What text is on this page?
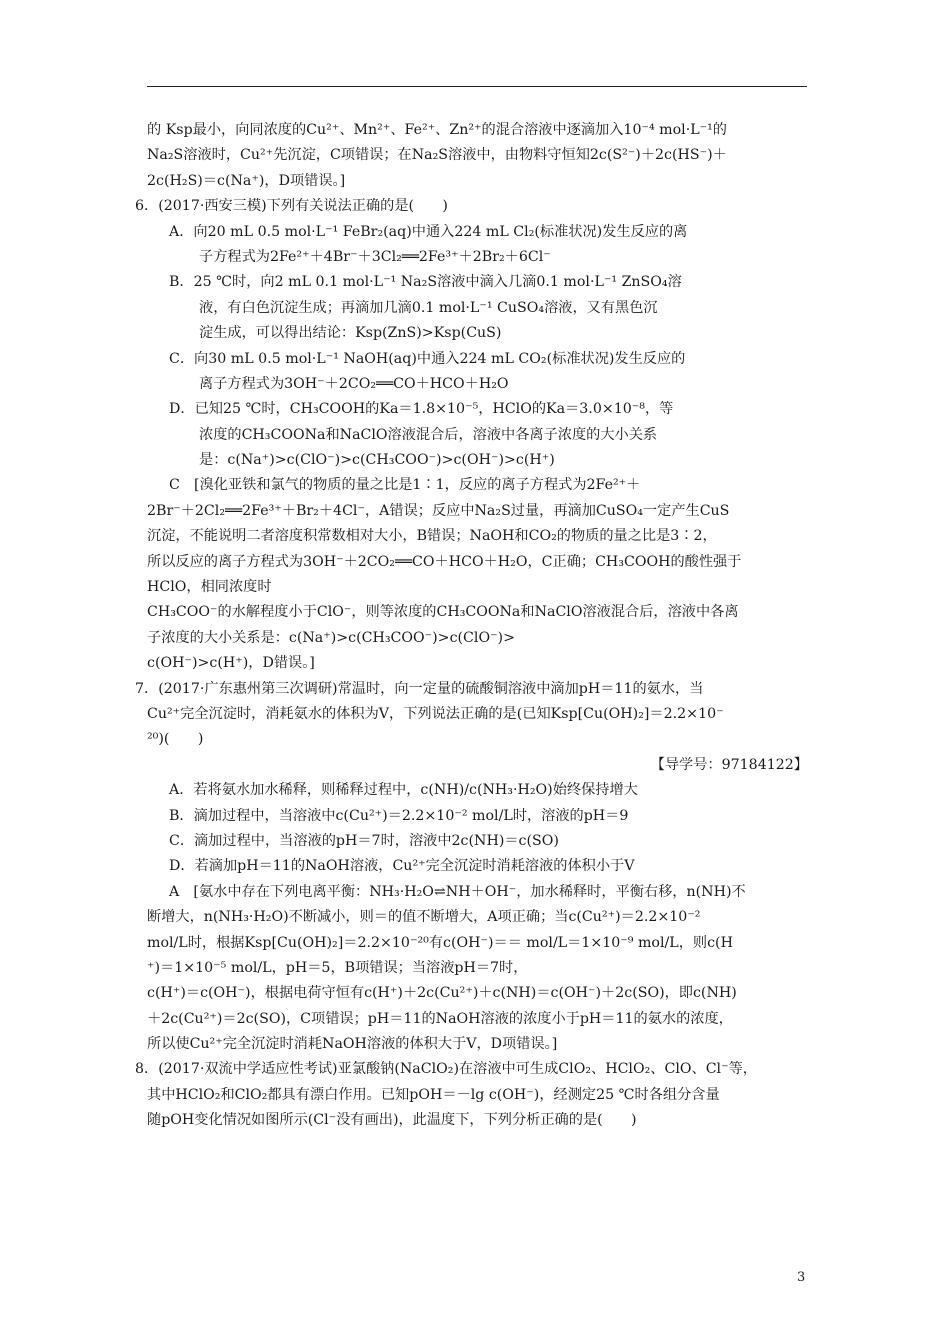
的 Ksp最小，向同浓度的Cu²⁺、Mn²⁺、Fe²⁺、Zn²⁺的混合溶液中逐滴加入10⁻⁴ mol·L⁻¹的
Na₂S溶液时，Cu²⁺先沉淀，C项错误；在Na₂S溶液中，由物料守恒知2c(S²⁻)＋2c(HS⁻)＋
2c(H₂S)＝c(Na⁺)，D项错误。]
6．(2017·西安三模)下列有关说法正确的是(　　)
A．向20 mL 0.5 mol·L⁻¹ FeBr₂(aq)中通入224 mL Cl₂(标准状况)发生反应的离
子方程式为2Fe²⁺＋4Br⁻＋3Cl₂══2Fe³⁺＋2Br₂＋6Cl⁻
B．25 ℃时，向2 mL 0.1 mol·L⁻¹ Na₂S溶液中滴入几滴0.1 mol·L⁻¹ ZnSO₄溶
液，有白色沉淀生成；再滴加几滴0.1 mol·L⁻¹ CuSO₄溶液，又有黑色沉
淀生成，可以得出结论：Ksp(ZnS)>Ksp(CuS)
C．向30 mL 0.5 mol·L⁻¹ NaOH(aq)中通入224 mL CO₂(标准状况)发生反应的
离子方程式为3OH⁻＋2CO₂══CO＋HCO＋H₂O
D．已知25 ℃时，CH₃COOH的Ka＝1.8×10⁻⁵，HClO的Ka＝3.0×10⁻⁸，等
浓度的CH₃COONa和NaClO溶液混合后，溶液中各离子浓度的大小关系
是：c(Na⁺)>c(ClO⁻)>c(CH₃COO⁻)>c(OH⁻)>c(H⁺)
C　[溴化亚铁和氯气的物质的量之比是1∶1，反应的离子方程式为2Fe²⁺＋
2Br⁻＋2Cl₂══2Fe³⁺＋Br₂＋4Cl⁻，A错误；反应中Na₂S过量，再滴加CuSO₄一定产生CuS
沉淀，不能说明二者溶度积常数相对大小，B错误；NaOH和CO₂的物质的量之比是3∶2，
所以反应的离子方程式为3OH⁻＋2CO₂══CO＋HCO＋H₂O，C正确；CH₃COOH的酸性强于
HClO，相同浓度时
CH₃COO⁻的水解程度小于ClO⁻，则等浓度的CH₃COONa和NaClO溶液混合后，溶液中各离
子浓度的大小关系是：c(Na⁺)>c(CH₃COO⁻)>c(ClO⁻)>
c(OH⁻)>c(H⁺)，D错误。]
7．(2017·广东惠州第三次调研)常温时，向一定量的硫酸铜溶液中滴加pH＝11的氨水，当
Cu²⁺完全沉淀时，消耗氨水的体积为V，下列说法正确的是(已知Ksp[Cu(OH)₂]＝2.2×10⁻
²⁰)(　　)
【导学号：97184122】
A．若将氨水加水稀释，则稀释过程中，c(NH)/c(NH₃·H₂O)始终保持增大
B．滴加过程中，当溶液中c(Cu²⁺)＝2.2×10⁻² mol/L时，溶液的pH＝9
C．滴加过程中，当溶液的pH＝7时，溶液中2c(NH)＝c(SO)
D．若滴加pH＝11的NaOH溶液，Cu²⁺完全沉淀时消耗溶液的体积小于V
A　[氨水中存在下列电离平衡：NH₃·H₂O⇌NH＋OH⁻，加水稀释时，平衡右移，n(NH)不
断增大，n(NH₃·H₂O)不断减小，则＝的值不断增大，A项正确；当c(Cu²⁺)＝2.2×10⁻²
mol/L时，根据Ksp[Cu(OH)₂]＝2.2×10⁻²⁰有c(OH⁻)＝＝ mol/L＝1×10⁻⁹ mol/L，则c(H
⁺)＝1×10⁻⁵ mol/L，pH＝5，B项错误；当溶液pH＝7时，
c(H⁺)＝c(OH⁻)，根据电荷守恒有c(H⁺)＋2c(Cu²⁺)＋c(NH)＝c(OH⁻)＋2c(SO)，即c(NH)
＋2c(Cu²⁺)＝2c(SO)，C项错误；pH＝11的NaOH溶液的浓度小于pH＝11的氨水的浓度，
所以使Cu²⁺完全沉淀时消耗NaOH溶液的体积大于V，D项错误。]
8．(2017·双流中学适应性考试)亚氯酸钠(NaClO₂)在溶液中可生成ClO₂、HClO₂、ClO、Cl⁻等，
其中HClO₂和ClO₂都具有漂白作用。已知pOH＝－lg c(OH⁻)，经测定25 ℃时各组分含量
随pOH变化情况如图所示(Cl⁻没有画出)，此温度下，下列分析正确的是(　　)
3
